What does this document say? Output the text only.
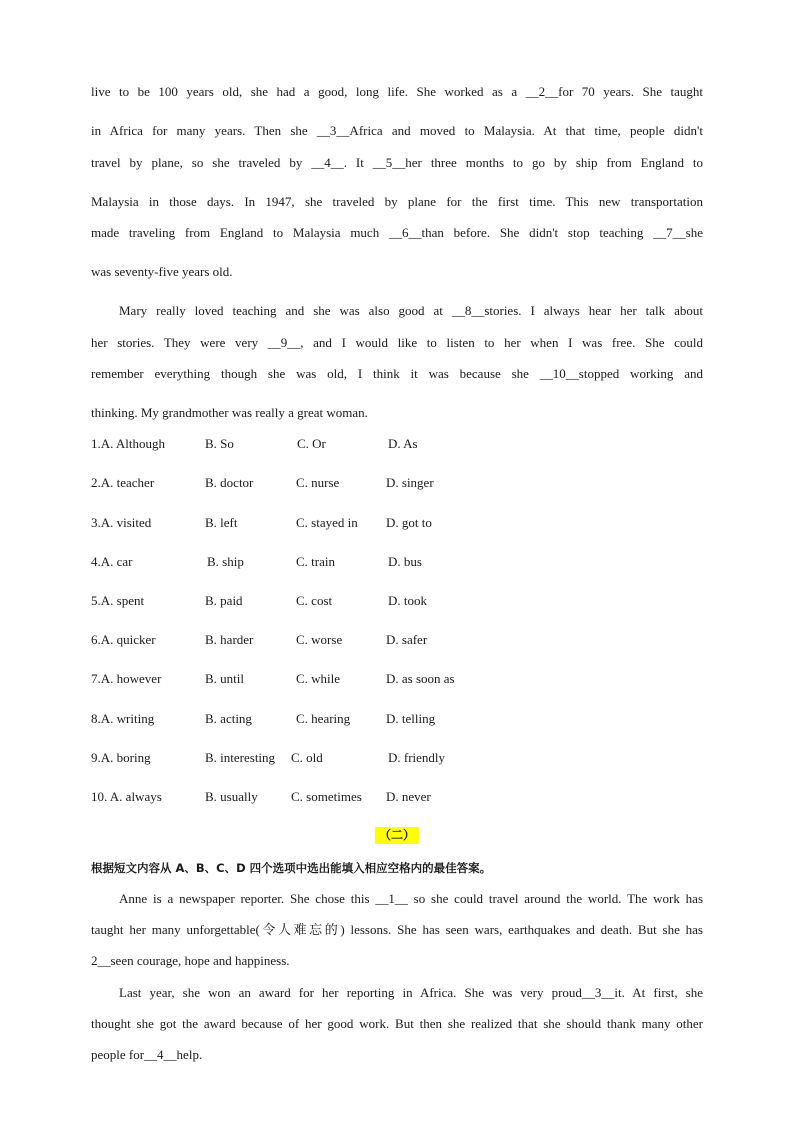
live to be 100 years old, she had a good, long life. She worked as a __2__for 70 years. She taught
in Africa for many years. Then she __3__Africa and moved to Malaysia. At that time, people didn't
travel by plane, so she traveled by __4__. It __5__her three months to go by ship from England to
Malaysia in those days. In 1947, she traveled by plane for the first time. This new transportation
made traveling from England to Malaysia much __6__than before. She didn't stop teaching __7__she
was seventy-five years old.
Mary really loved teaching and she was also good at __8__stories. I always hear her talk about
her stories. They were very __9__, and I would like to listen to her when I was free. She could
remember everything though she was old, I think it was because she __10__stopped working and
thinking. My grandmother was really a great woman.
1.A. Although	B. So	C. Or	D. As
2.A. teacher	B. doctor	C. nurse	D. singer
3.A. visited	B. left	C. stayed in D. got to
4.A. car	B. ship	C. train	D. bus
5.A. spent	B. paid	C. cost	D. took
6.A. quicker	B. harder	C. worse	D. safer
7.A. however	B. until	C. while	D. as soon as
8.A. writing	B. acting	C. hearing	D. telling
9.A. boring	B. interesting C. old	D. friendly
10. A. always	B. usually	C. sometimes D. never
（二）
根据短文内容从 A、B、C、D 四个选项中选出能填入相应空格内的最佳答案。
Anne is a newspaper reporter. She chose this __1__ so she could travel around the world. The work has
taught her many unforgettable(令人难忘的) lessons. She has seen wars, earthquakes and death. But she has
2__seen courage, hope and happiness.
Last year, she won an award for her reporting in Africa. She was very proud__3__it. At first, she
thought she got the award because of her good work. But then she realized that she should thank many other
people for__4__help.
